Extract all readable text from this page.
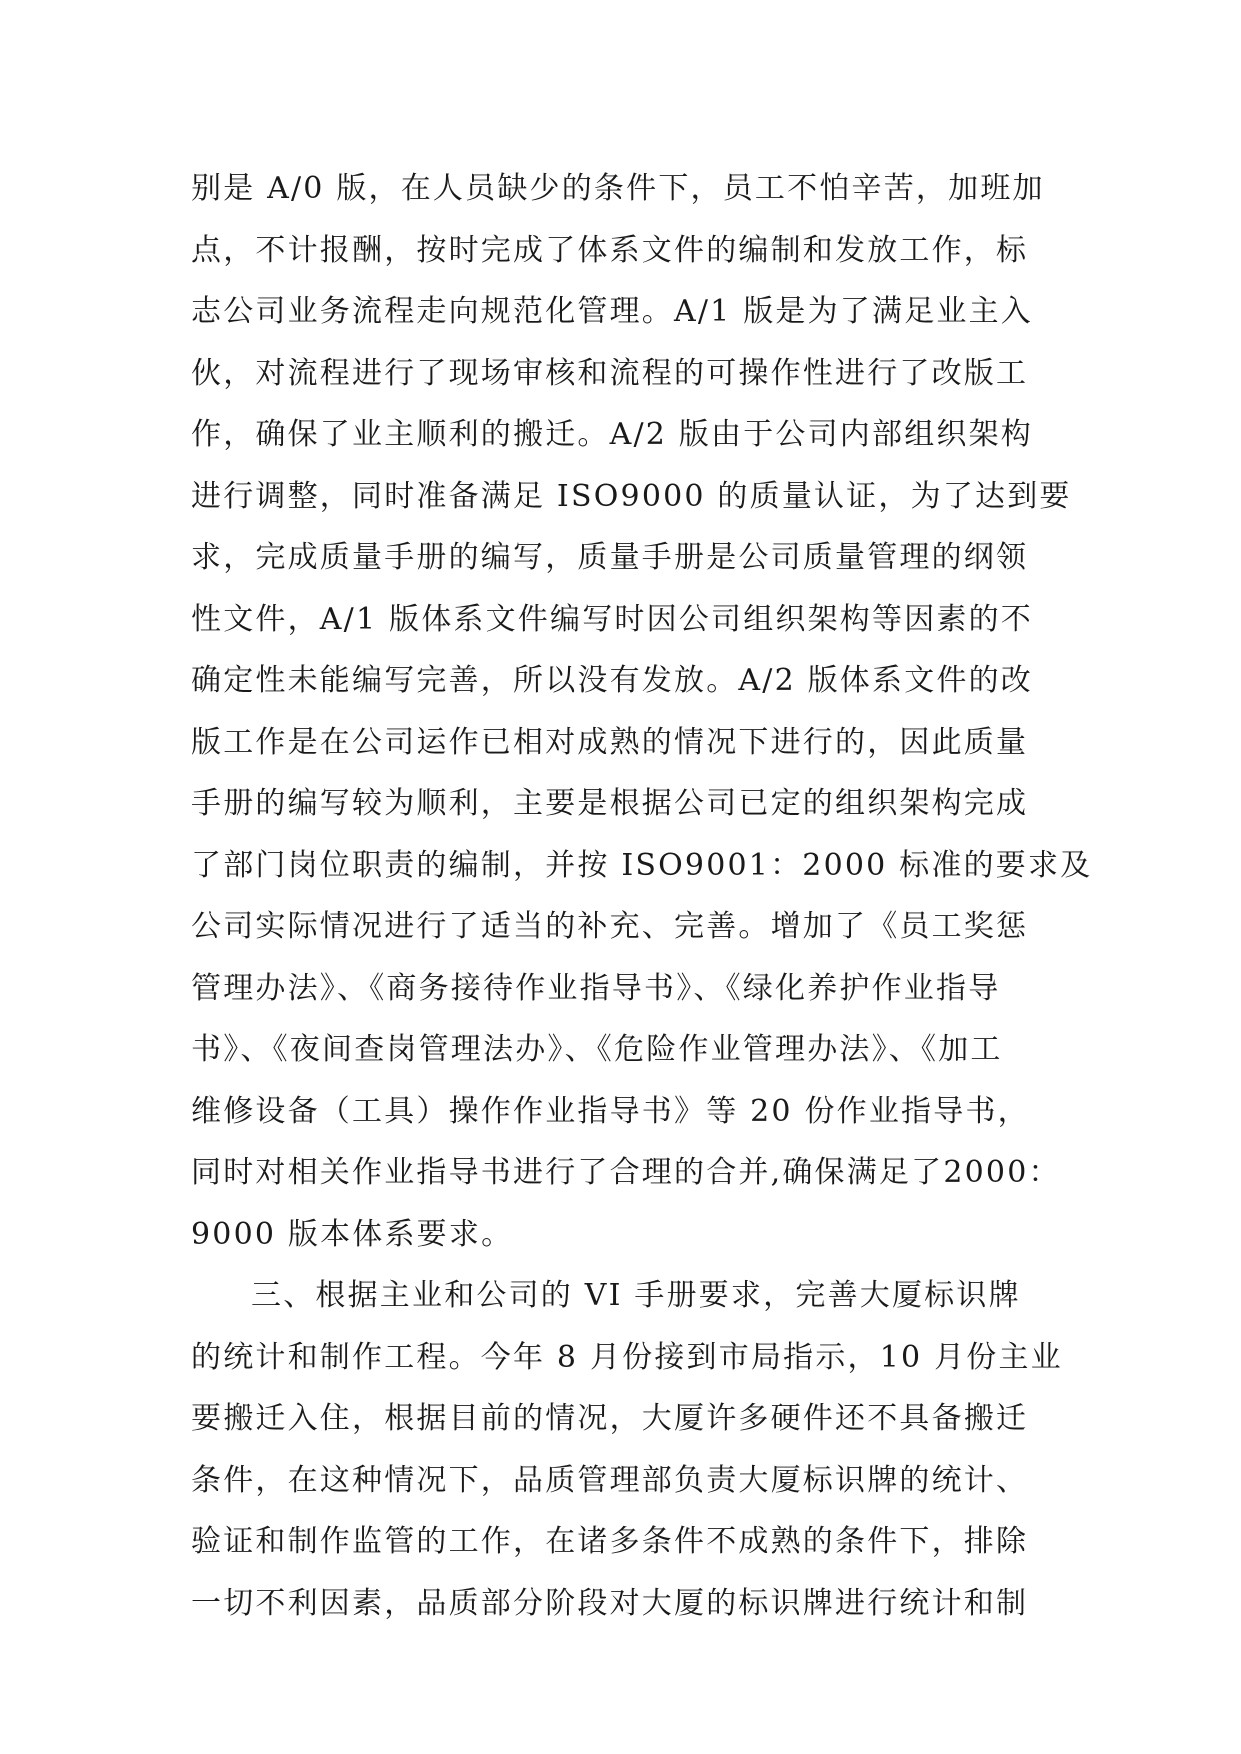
别是 A/0 版，在人员缺少的条件下，员工不怕辛苦，加班加
点，不计报酬，按时完成了体系文件的编制和发放工作，标
志公司业务流程走向规范化管理。A/1 版是为了满足业主入
伙，对流程进行了现场审核和流程的可操作性进行了改版工
作，确保了业主顺利的搬迁。A/2 版由于公司内部组织架构
进行调整，同时准备满足 ISO9000 的质量认证，为了达到要
求，完成质量手册的编写，质量手册是公司质量管理的纲领
性文件，A/1 版体系文件编写时因公司组织架构等因素的不
确定性未能编写完善，所以没有发放。A/2 版体系文件的改
版工作是在公司运作已相对成熟的情况下进行的，因此质量
手册的编写较为顺利，主要是根据公司已定的组织架构完成
了部门岗位职责的编制，并按 ISO9001：2000 标准的要求及
公司实际情况进行了适当的补充、完善。增加了《员工奖惩
管理办法》、《商务接待作业指导书》、《绿化养护作业指导
书》、《夜间查岗管理法办》、《危险作业管理办法》、《加工
维修设备（工具）操作作业指导书》等 20 份作业指导书，
同时对相关作业指导书进行了合理的合并,确保满足了2000：
9000 版本体系要求。
三、根据主业和公司的 VI 手册要求，完善大厦标识牌
的统计和制作工程。今年 8 月份接到市局指示，10 月份主业
要搬迁入住，根据目前的情况，大厦许多硬件还不具备搬迁
条件，在这种情况下，品质管理部负责大厦标识牌的统计、
验证和制作监管的工作，在诸多条件不成熟的条件下，排除
一切不利因素，品质部分阶段对大厦的标识牌进行统计和制
